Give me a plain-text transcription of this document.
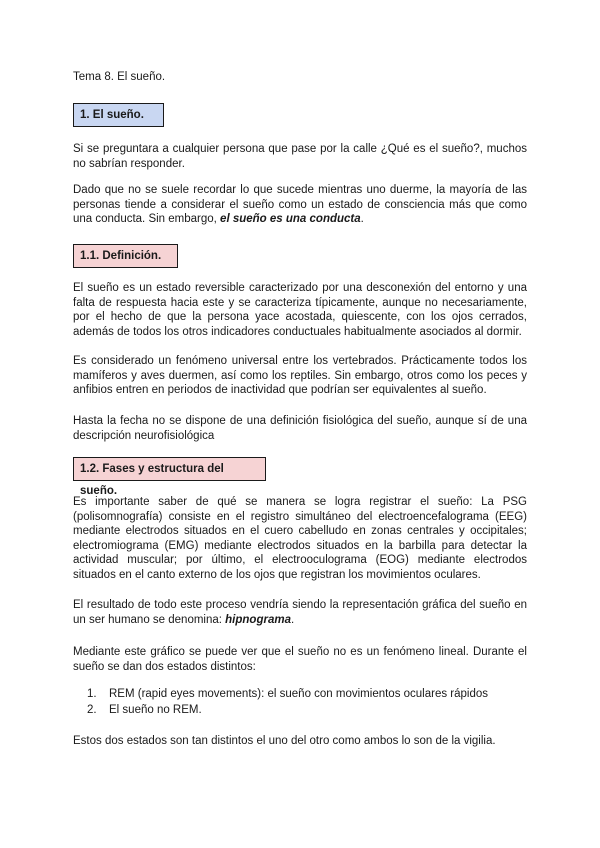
Tema 8. El sueño.
1. El sueño.

Si se preguntara a cualquier persona que pase por la calle ¿Qué es el sueño?, muchos no sabrían responder.

Dado que no se suele recordar lo que sucede mientras uno duerme, la mayoría de las personas tiende a considerar el sueño como un estado de consciencia más que como una conducta. Sin embargo, el sueño es una conducta.

1.1. Definición.

El sueño es un estado reversible caracterizado por una desconexión del entorno y una falta de respuesta hacia este y se caracteriza típicamente, aunque no necesariamente, por el hecho de que la persona yace acostada, quiescente, con los ojos cerrados, además de todos los otros indicadores conductuales habitualmente asociados al dormir.

Es considerado un fenómeno universal entre los vertebrados. Prácticamente todos los mamíferos y aves duermen, así como los reptiles. Sin embargo, otros como los peces y anfibios entren en periodos de inactividad que podrían ser equivalentes al sueño.

Hasta la fecha no se dispone de una definición fisiológica del sueño, aunque sí de una descripción neurofisiológica

1.2. Fases y estructura del sueño.

Es importante saber de qué se manera se logra registrar el sueño: La PSG (polisomnografía) consiste en el registro simultáneo del electroencefalograma (EEG) mediante electrodos situados en el cuero cabelludo en zonas centrales y occipitales; electromiograma (EMG) mediante electrodos situados en la barbilla para detectar la actividad muscular; por último, el electrooculograma (EOG) mediante electrodos situados en el canto externo de los ojos que registran los movimientos oculares.

El resultado de todo este proceso vendría siendo la representación gráfica del sueño en un ser humano se denomina: hipnograma.

Mediante este gráfico se puede ver que el sueño no es un fenómeno lineal. Durante el sueño se dan dos estados distintos:

1.	REM (rapid eyes movements): el sueño con movimientos oculares rápidos
2.	El sueño no REM.

Estos dos estados son tan distintos el uno del otro como ambos lo son de la vigilia.
